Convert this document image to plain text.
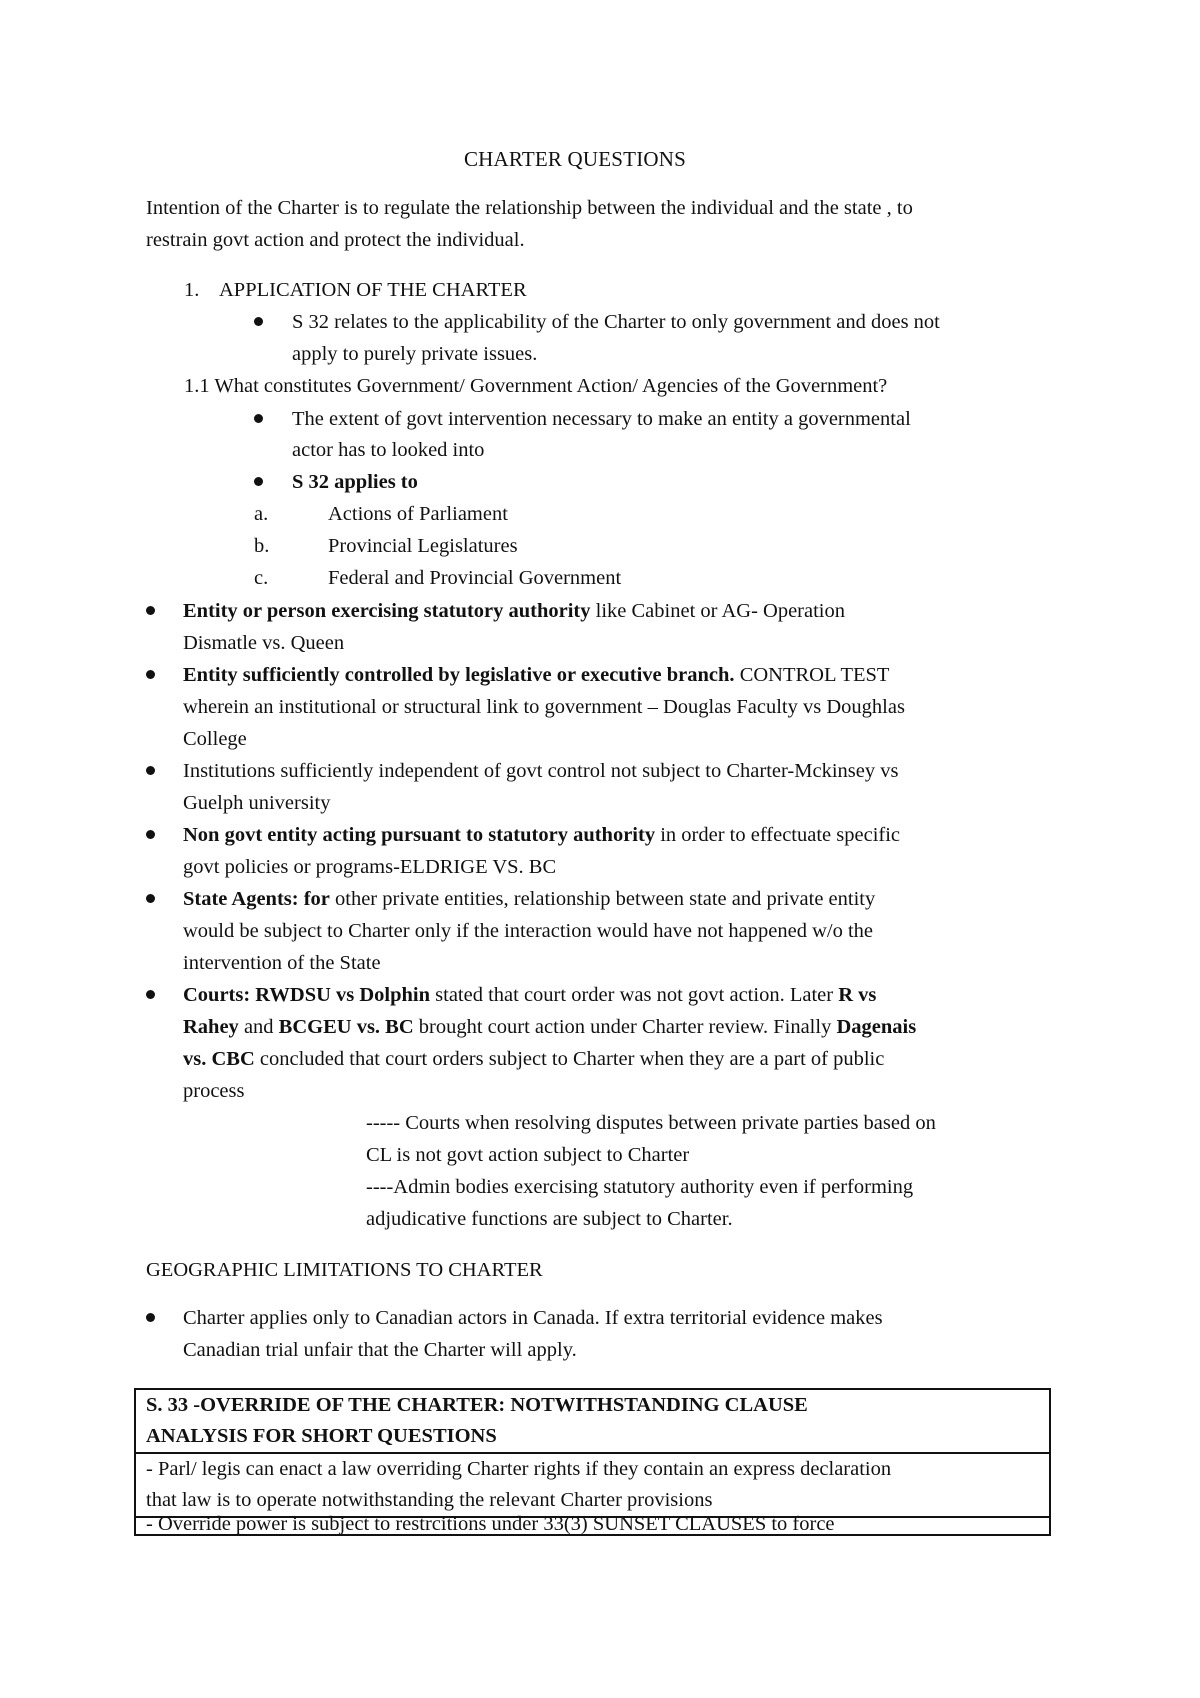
CHARTER QUESTIONS
Intention of the Charter is to regulate the relationship between the individual and the state , to
restrain govt action and protect the individual.
1. APPLICATION OF THE CHARTER
S 32 relates to the applicability of the Charter to only government and does not
apply to purely private issues.
1.1 What constitutes Government/ Government Action/ Agencies of the Government?
The extent of govt intervention necessary to make an entity a governmental
actor has to looked into
S 32 applies to
a.	Actions of Parliament
b.	Provincial Legislatures
c.	Federal and Provincial Government
Entity or person exercising statutory authority like Cabinet or AG- Operation
Dismatle vs. Queen
Entity sufficiently controlled by legislative or executive branch. CONTROL TEST
wherein an institutional or structural link to government – Douglas Faculty vs Doughlas
College
Institutions sufficiently independent of govt control not subject to Charter-Mckinsey vs
Guelph university
Non govt entity acting pursuant to statutory authority in order to effectuate specific
govt policies or programs-ELDRIGE VS. BC
State Agents: for other private entities, relationship between state and private entity
would be subject to Charter only if the interaction would have not happened w/o the
intervention of the State
Courts: RWDSU vs Dolphin stated that court order was not govt action. Later R vs
Rahey and BCGEU vs. BC brought court action under Charter review. Finally Dagenais
vs. CBC concluded that court orders subject to Charter when they are a part of public
process
----- Courts when resolving disputes between private parties based on
CL is not govt action subject to Charter
----Admin bodies exercising statutory authority even if performing
adjudicative functions are subject to Charter.
GEOGRAPHIC LIMITATIONS TO CHARTER
Charter applies only to Canadian actors in Canada. If extra territorial evidence makes
Canadian trial unfair that the Charter will apply.
S. 33 -OVERRIDE OF THE CHARTER: NOTWITHSTANDING CLAUSE
ANALYSIS FOR SHORT QUESTIONS
- Parl/ legis can enact a law overriding Charter rights if they contain an express declaration
that law is to operate notwithstanding the relevant Charter provisions
- Override power is subject to restrcitions under 33(3) SUNSET CLAUSES to force
